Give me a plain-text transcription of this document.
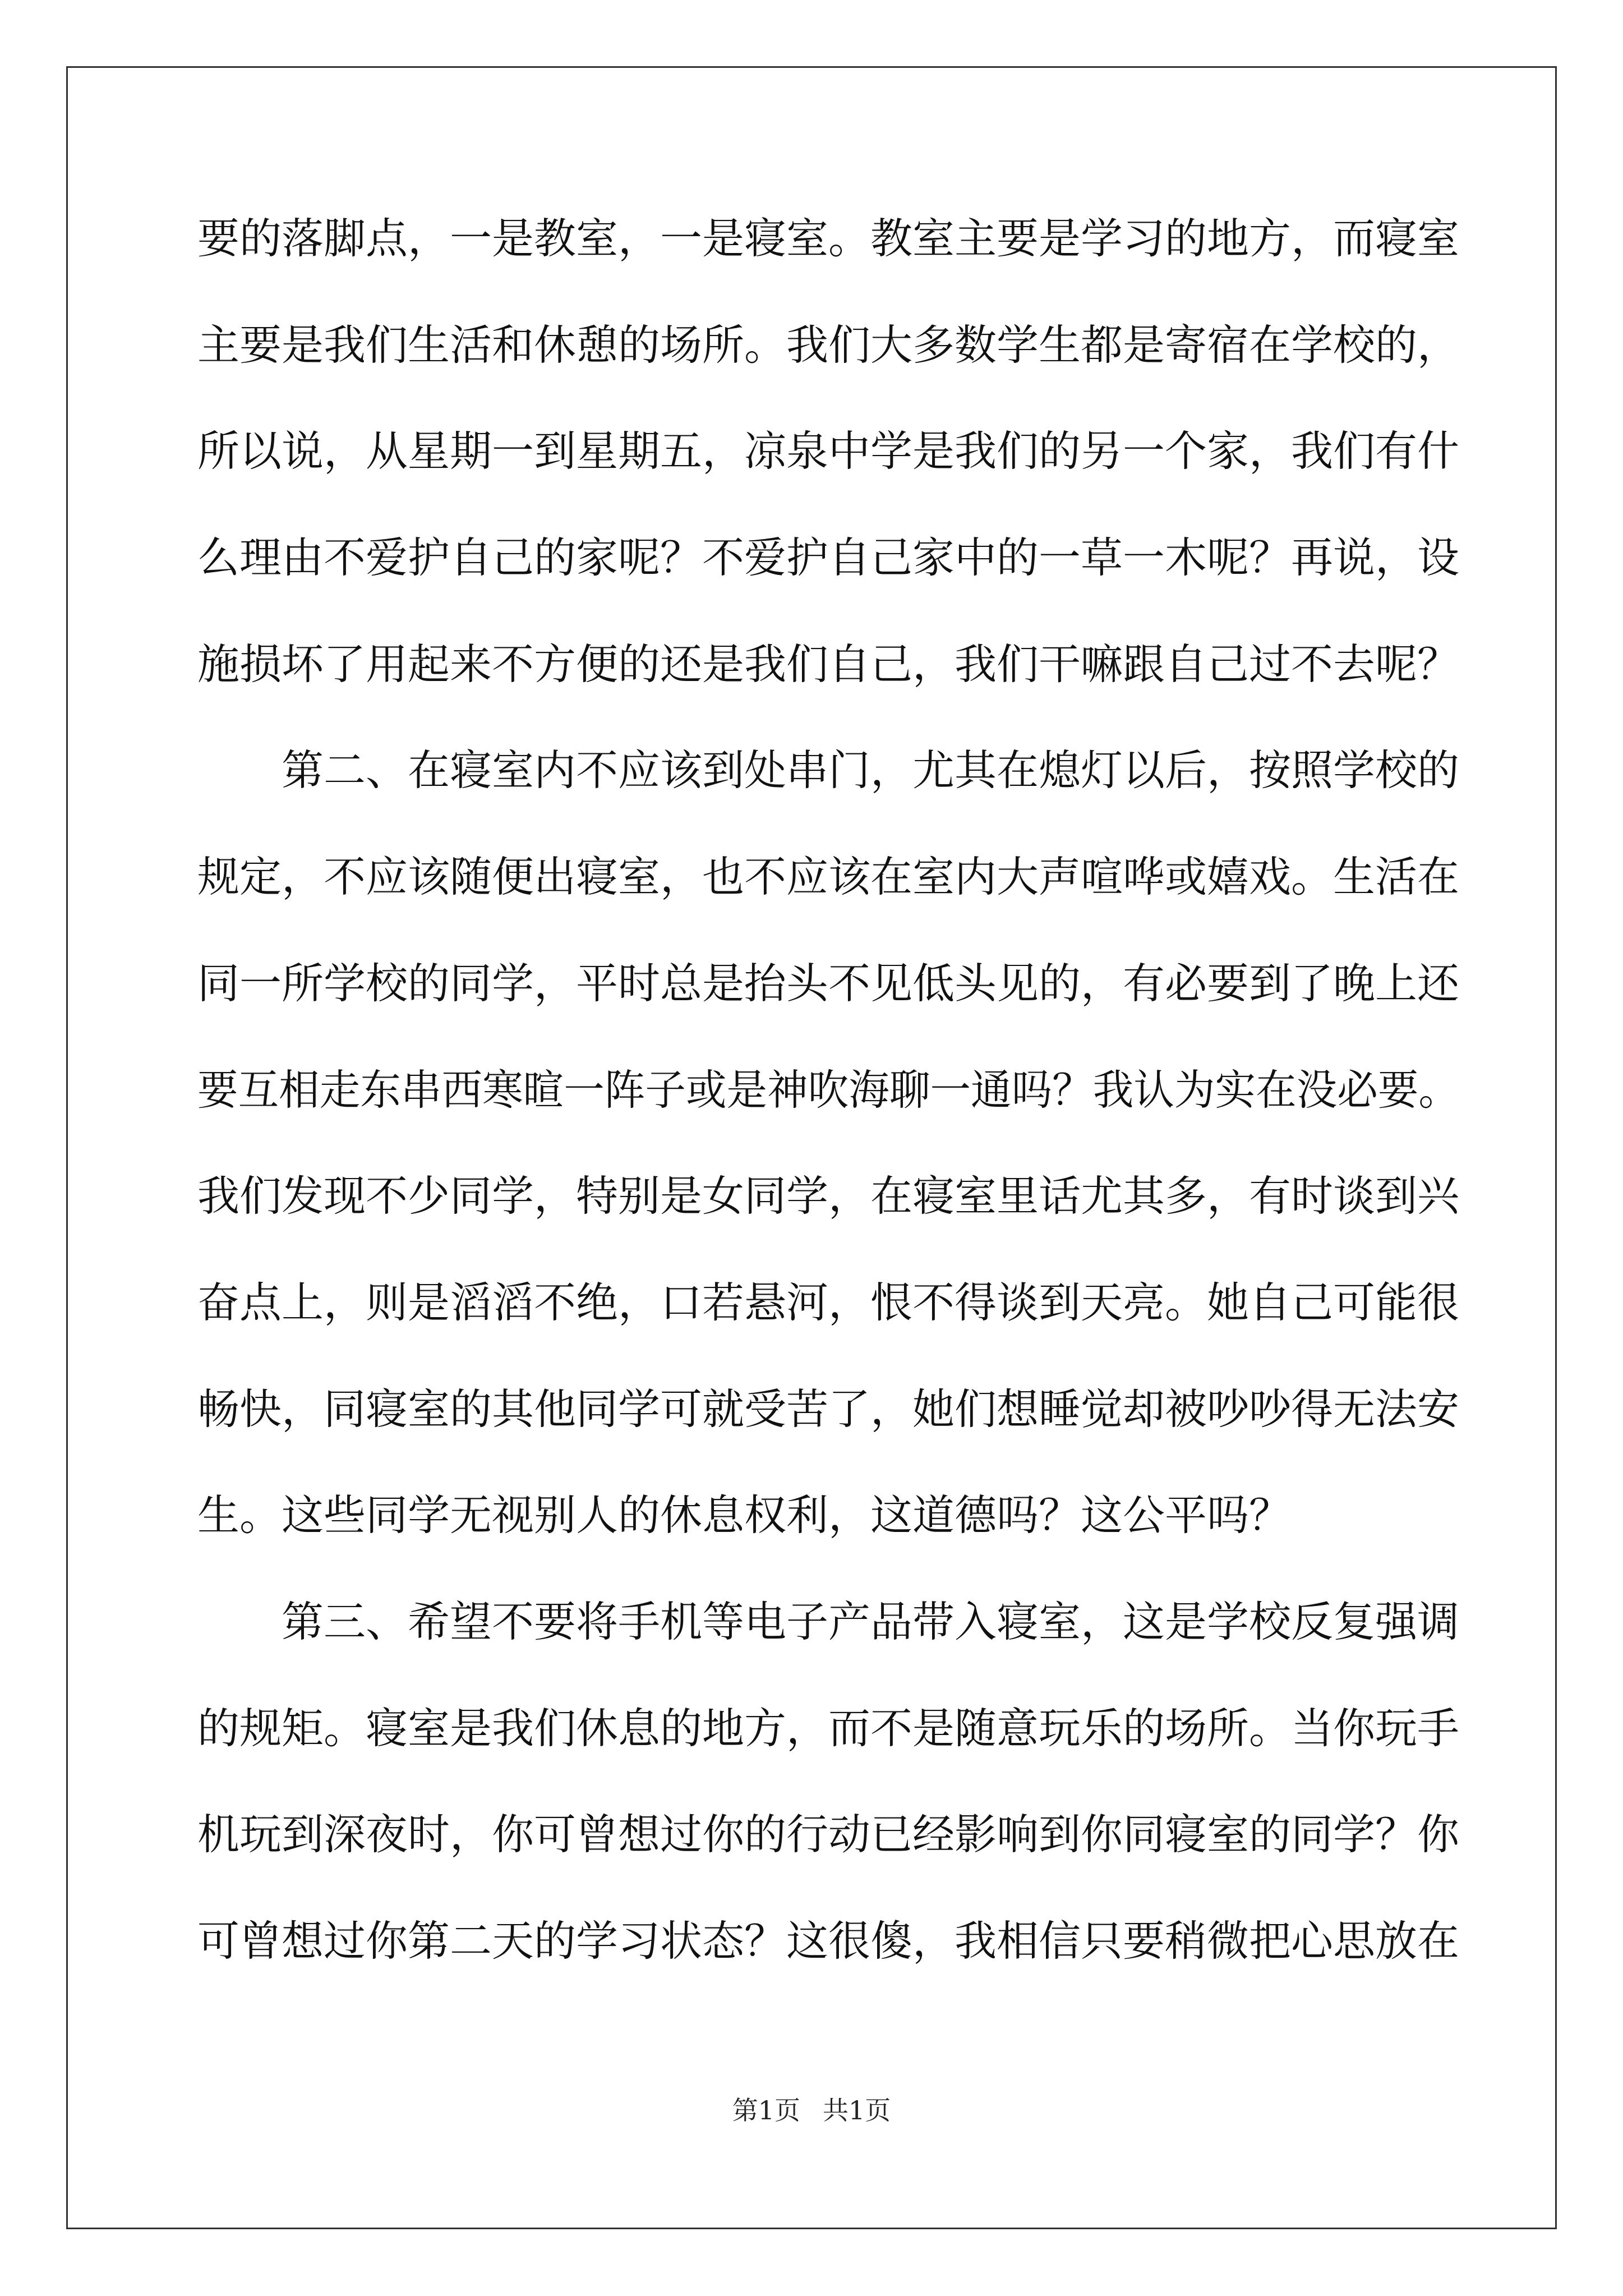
要的落脚点，一是教室，一是寝室。教室主要是学习的地方，而寝室
主要是我们生活和休憩的场所。我们大多数学生都是寄宿在学校的，
所以说，从星期一到星期五，凉泉中学是我们的另一个家，我们有什
么理由不爱护自己的家呢？不爱护自己家中的一草一木呢？再说，设
施损坏了用起来不方便的还是我们自己，我们干嘛跟自己过不去呢？
第二、在寝室内不应该到处串门，尤其在熄灯以后，按照学校的
规定，不应该随便出寝室，也不应该在室内大声喧哗或嬉戏。生活在
同一所学校的同学，平时总是抬头不见低头见的，有必要到了晚上还
要互相走东串西寒暄一阵子或是神吹海聊一通吗？我认为实在没必要。
我们发现不少同学，特别是女同学，在寝室里话尤其多，有时谈到兴
奋点上，则是滔滔不绝，口若悬河，恨不得谈到天亮。她自己可能很
畅快，同寝室的其他同学可就受苦了，她们想睡觉却被吵吵得无法安
生。这些同学无视别人的休息权利，这道德吗？这公平吗？
第三、希望不要将手机等电子产品带入寝室，这是学校反复强调
的规矩。寝室是我们休息的地方，而不是随意玩乐的场所。当你玩手
机玩到深夜时，你可曾想过你的行动已经影响到你同寝室的同学？你
可曾想过你第二天的学习状态？这很傻，我相信只要稍微把心思放在
第1页 共1页
